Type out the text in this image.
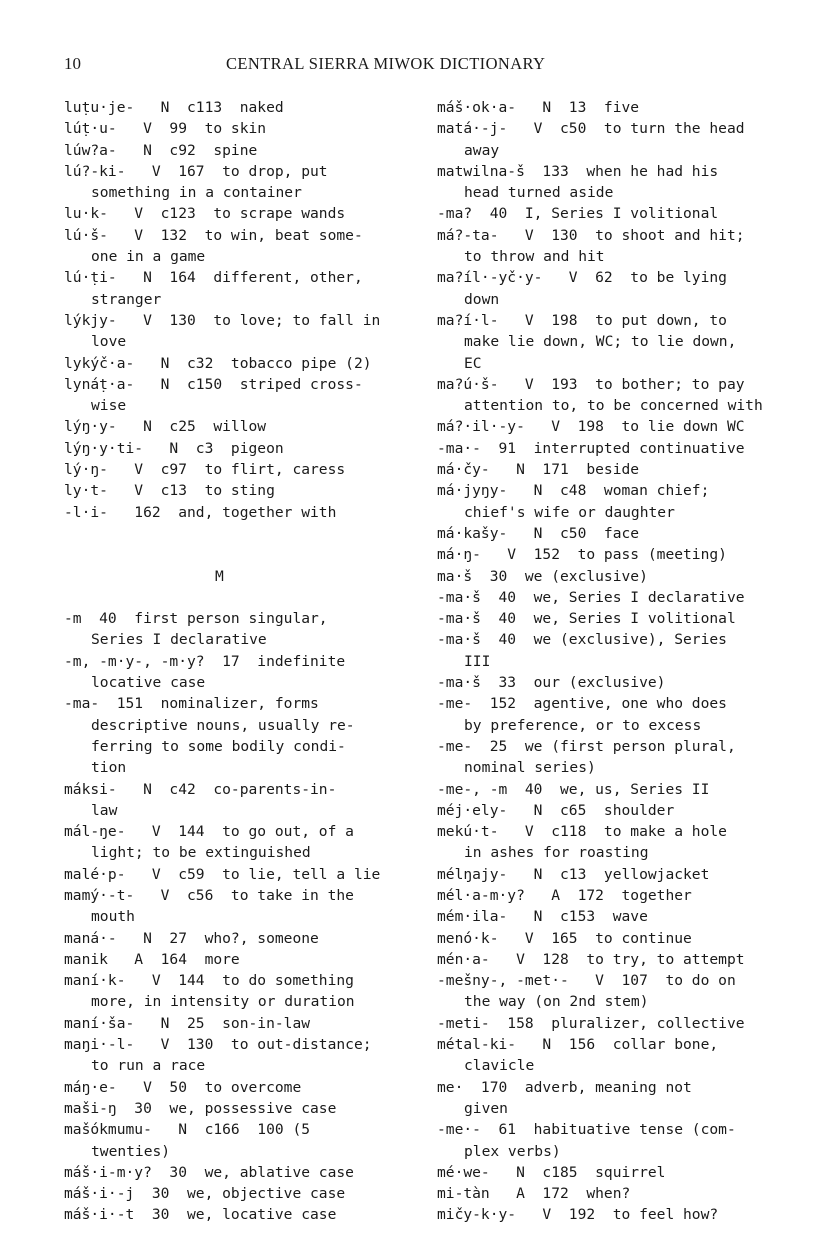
10	CENTRAL SIERRA MIWOK DICTIONARY
luṭu·je-   N  c113  naked
lúṭ·u-   V  99  to skin
lúw?a-   N  c92  spine
lú?-ki-   V  167  to drop, put
something in a container
lu·k-   V  c123  to scrape wands
lú·š-   V  132  to win, beat some-
one in a game
lú·ṭi-   N  164  different, other,
stranger
lýkjy-   V  130  to love; to fall in
love
lykýč·a-   N  c32  tobacco pipe (2)
lynáṭ·a-   N  c150  striped cross-
wise
lýŋ·y-   N  c25  willow
lýŋ·y·ti-   N  c3  pigeon
lý·ŋ-   V  c97  to flirt, caress
ly·t-   V  c13  to sting
-l·i-   162  and, together with
M
-m  40  first person singular,
Series I declarative
-m, -m·y-, -m·y?  17  indefinite
locative case
-ma-  151  nominalizer, forms
descriptive nouns, usually re-
ferring to some bodily condi-
tion
máksi-   N  c42  co-parents-in-
law
mál-ŋe-   V  144  to go out, of a
light; to be extinguished
malé·p-   V  c59  to lie, tell a lie
mamý·-t-   V  c56  to take in the
mouth
maná·-   N  27  who?, someone
manik   A  164  more
maní·k-   V  144  to do something
more, in intensity or duration
maní·ša-   N  25  son-in-law
maŋi·-l-   V  130  to out-distance;
to run a race
máŋ·e-   V  50  to overcome
maši-ŋ  30  we, possessive case
mašókmumu-   N  c166  100 (5
twenties)
máš·i-m·y?  30  we, ablative case
máš·i·-j  30  we, objective case
máš·i·-t  30  we, locative case
máš·ok·a-   N  13  five
matá·-j-   V  c50  to turn the head
away
matwilna-š  133  when he had his
head turned aside
-ma?  40  I, Series I volitional
má?-ta-   V  130  to shoot and hit;
to throw and hit
ma?íl·-yč·y-   V  62  to be lying
down
ma?í·l-   V  198  to put down, to
make lie down, WC; to lie down,
EC
ma?ú·š-   V  193  to bother; to pay
attention to, to be concerned with
má?·il·-y-   V  198  to lie down WC
-ma·-  91  interrupted continuative
má·čy-   N  171  beside
má·jyŋy-   N  c48  woman chief;
chief's wife or daughter
má·kašy-   N  c50  face
má·ŋ-   V  152  to pass (meeting)
ma·š  30  we (exclusive)
-ma·š  40  we, Series I declarative
-ma·š  40  we, Series I volitional
-ma·š  40  we (exclusive), Series
III
-ma·š  33  our (exclusive)
-me-  152  agentive, one who does
by preference, or to excess
-me-  25  we (first person plural,
nominal series)
-me-, -m  40  we, us, Series II
méj·ely-   N  c65  shoulder
mekú·t-   V  c118  to make a hole
in ashes for roasting
mélŋajy-   N  c13  yellowjacket
mél·a-m·y?   A  172  together
mém·ila-   N  c153  wave
menó·k-   V  165  to continue
mén·a-   V  128  to try, to attempt
-mešny-, -met·-   V  107  to do on
the way (on 2nd stem)
-meti-  158  pluralizer, collective
métal-ki-   N  156  collar bone,
clavicle
me·  170  adverb, meaning not
given
-me·-  61  habituative tense (com-
plex verbs)
mé·we-   N  c185  squirrel
mi-tàn   A  172  when?
mičy-k·y-   V  192  to feel how?
